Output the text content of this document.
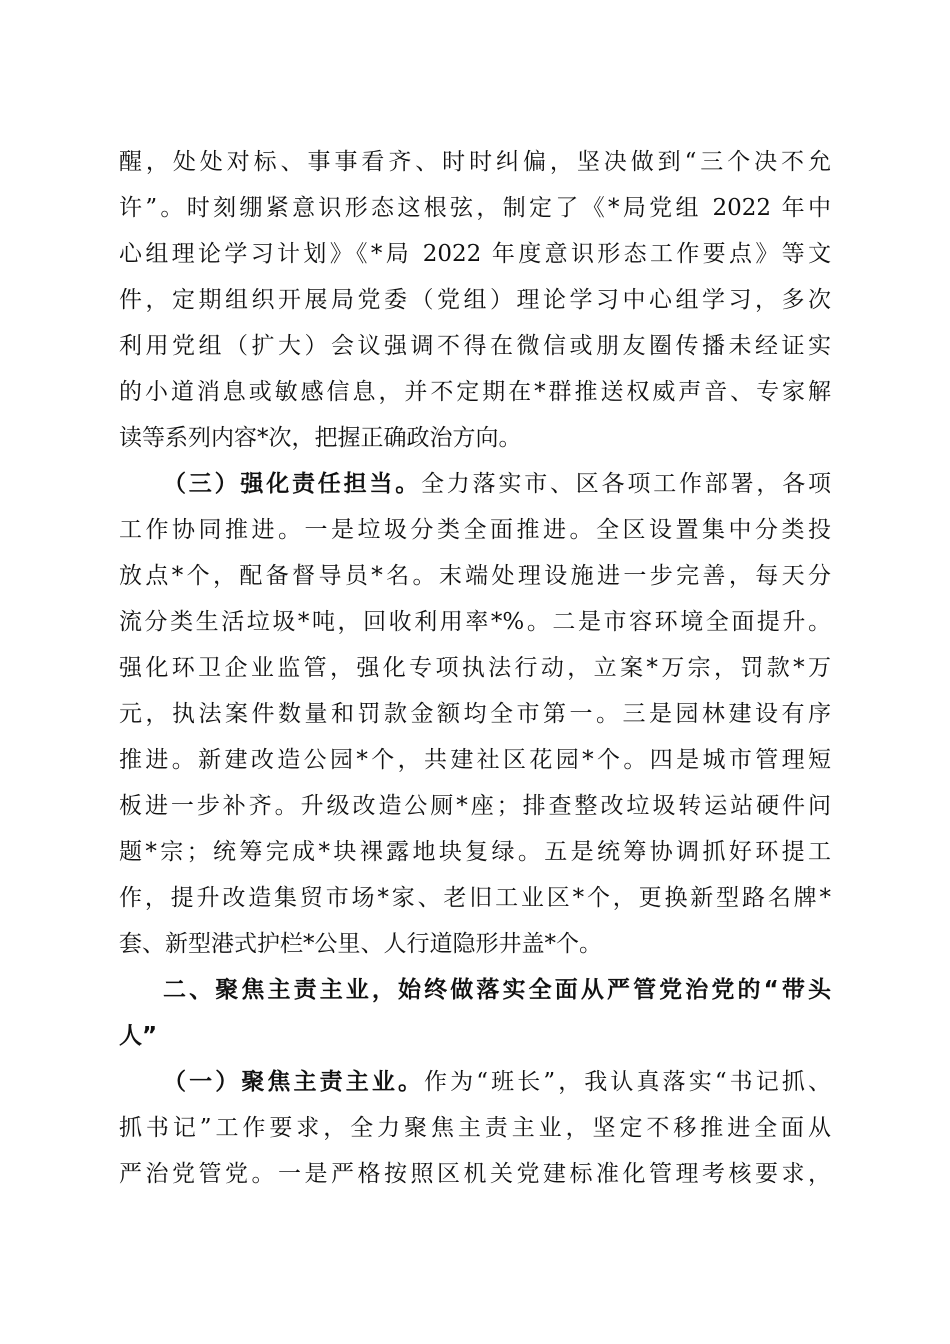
醒，处处对标、事事看齐、时时纠偏，坚决做到“三个决不允
许”。时刻绷紧意识形态这根弦，制定了《*局党组 2022 年中
心组理论学习计划》《*局 2022 年度意识形态工作要点》等文
件，定期组织开展局党委（党组）理论学习中心组学习，多次
利用党组（扩大）会议强调不得在微信或朋友圈传播未经证实
的小道消息或敏感信息，并不定期在*群推送权威声音、专家解
读等系列内容*次，把握正确政治方向。
（三）强化责任担当。全力落实市、区各项工作部署，各项
工作协同推进。一是垃圾分类全面推进。全区设置集中分类投
放点*个，配备督导员*名。末端处理设施进一步完善，每天分
流分类生活垃圾*吨，回收利用率*%。二是市容环境全面提升。
强化环卫企业监管，强化专项执法行动，立案*万宗，罚款*万
元，执法案件数量和罚款金额均全市第一。三是园林建设有序
推进。新建改造公园*个，共建社区花园*个。四是城市管理短
板进一步补齐。升级改造公厕*座；排查整改垃圾转运站硬件问
题*宗；统筹完成*块裸露地块复绿。五是统筹协调抓好环提工
作，提升改造集贸市场*家、老旧工业区*个，更换新型路名牌*
套、新型港式护栏*公里、人行道隐形井盖*个。
二、聚焦主责主业，始终做落实全面从严管党治党的“带头
人”
（一）聚焦主责主业。作为“班长”，我认真落实“书记抓、
抓书记”工作要求，全力聚焦主责主业，坚定不移推进全面从
严治党管党。一是严格按照区机关党建标准化管理考核要求，
